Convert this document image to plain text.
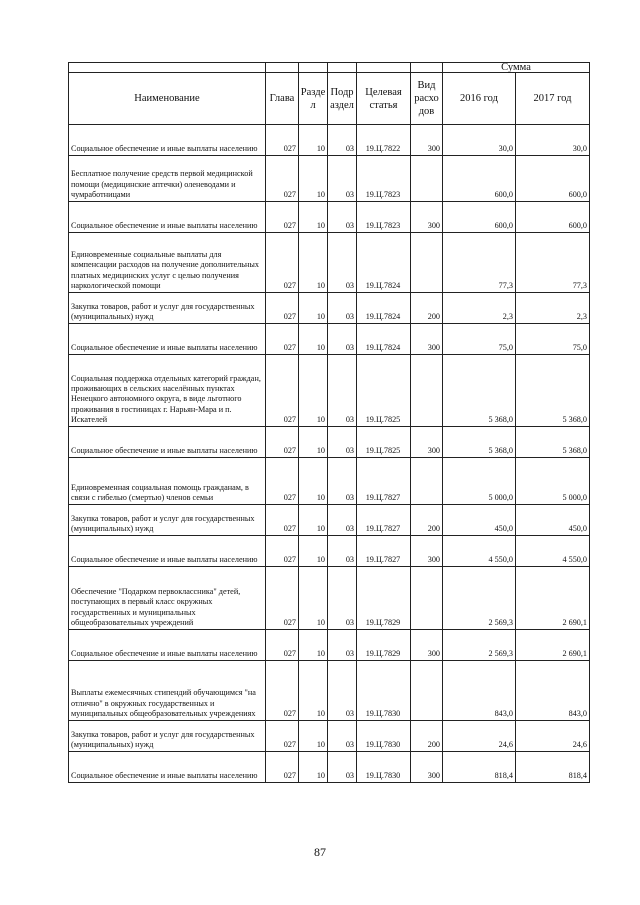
						Сумма	
Наименование	Глава	Разде л	Подр аздел	Целевая статья	Вид расхо дов	2016 год	2017 год
Социальное обеспечение и иные выплаты населению	027	10	03	19.Ц.7822	300	30,0	30,0
Бесплатное получение средств первой медицинской помощи (медицинские аптечки) оленеводами и чумработницами	027	10	03	19.Ц.7823		600,0	600,0
Социальное обеспечение и иные выплаты населению	027	10	03	19.Ц.7823	300	600,0	600,0
Единовременные социальные выплаты для компенсации расходов на получение дополнительных платных медицинских услуг с целью получения наркологической помощи	027	10	03	19.Ц.7824		77,3	77,3
Закупка товаров, работ и услуг для государственных (муниципальных) нужд	027	10	03	19.Ц.7824	200	2,3	2,3
Социальное обеспечение и иные выплаты населению	027	10	03	19.Ц.7824	300	75,0	75,0
Социальная поддержка отдельных категорий граждан, проживающих в сельских населённых пунктах Ненецкого автономного округа, в виде льготного проживания в гостиницах г. Нарьян-Мара и п. Искателей	027	10	03	19.Ц.7825		5 368,0	5 368,0
Социальное обеспечение и иные выплаты населению	027	10	03	19.Ц.7825	300	5 368,0	5 368,0
Единовременная социальная помощь гражданам, в связи с гибелью (смертью) членов семьи	027	10	03	19.Ц.7827		5 000,0	5 000,0
Закупка товаров, работ и услуг для государственных (муниципальных) нужд	027	10	03	19.Ц.7827	200	450,0	450,0
Социальное обеспечение и иные выплаты населению	027	10	03	19.Ц.7827	300	4 550,0	4 550,0
Обеспечение "Подарком первоклассника" детей, поступающих в первый класс окружных государственных и муниципальных общеобразовательных учреждений	027	10	03	19.Ц.7829		2 569,3	2 690,1
Социальное обеспечение и иные выплаты населению	027	10	03	19.Ц.7829	300	2 569,3	2 690,1
Выплаты ежемесячных стипендий обучающимся "на отлично" в окружных государственных и муниципальных общеобразовательных учреждениях	027	10	03	19.Ц.7830		843,0	843,0
Закупка товаров, работ и услуг для государственных (муниципальных) нужд	027	10	03	19.Ц.7830	200	24,6	24,6
Социальное обеспечение и иные выплаты населению	027	10	03	19.Ц.7830	300	818,4	818,4
87
